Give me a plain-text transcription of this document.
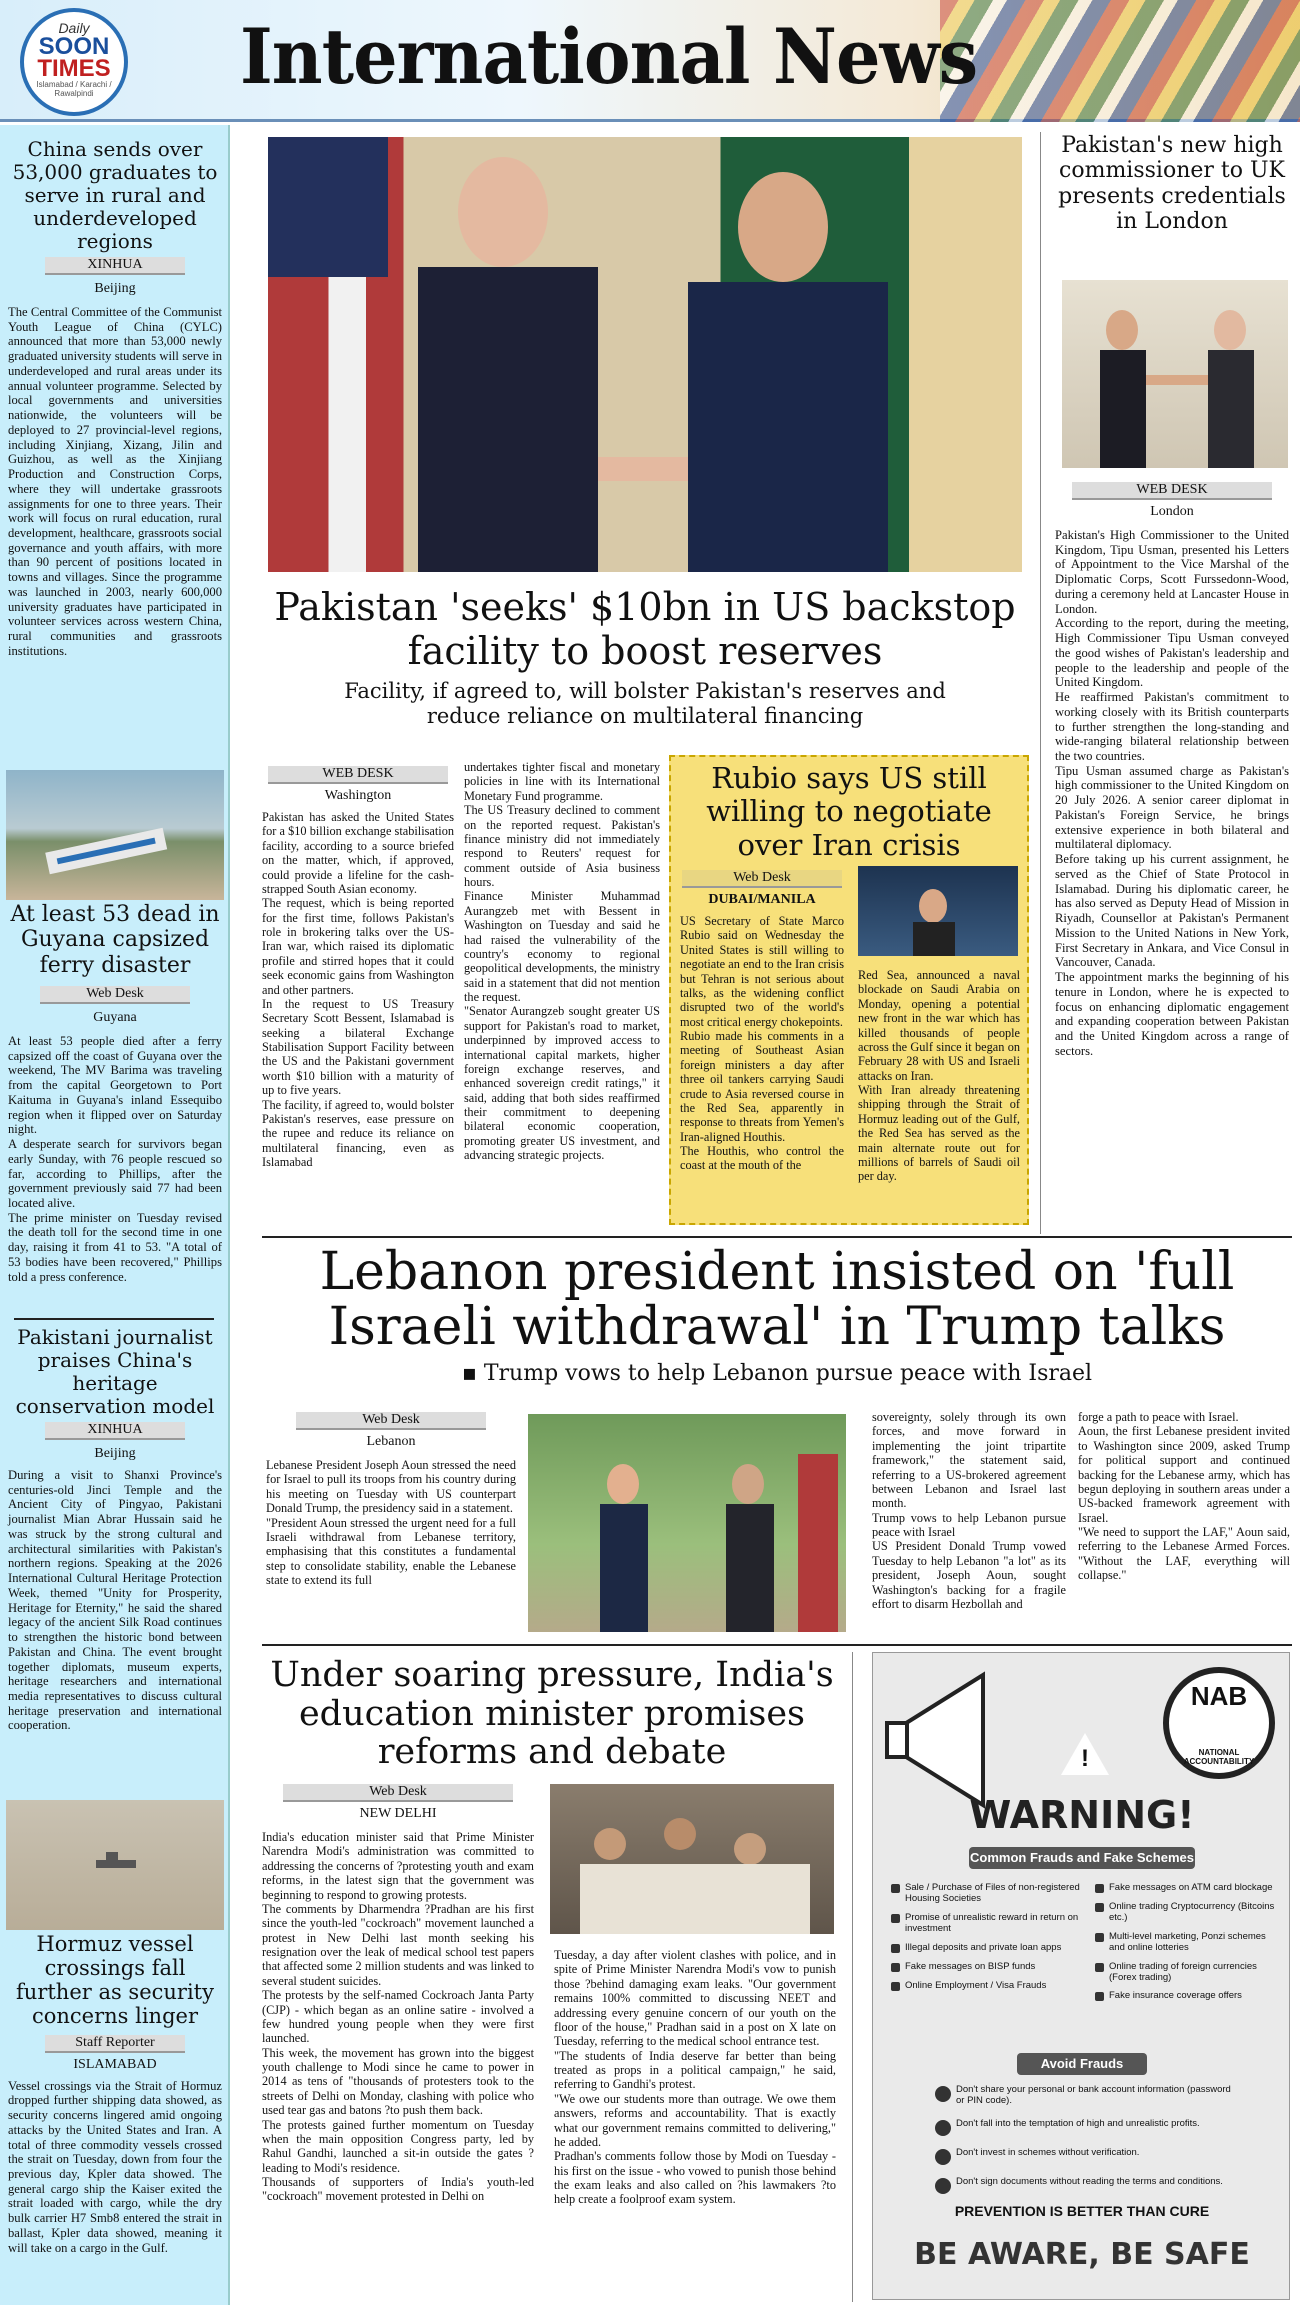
Daily
SOON
TIMES
Islamabad / Karachi / Rawalpindi	International News
China sends over 53,000 graduates to serve in rural and underdeveloped regions
XINHUA
Beijing
The Central Committee of the Communist Youth League of China (CYLC) announced that more than 53,000 newly graduated university students will serve in underdeveloped and rural areas under its annual volunteer programme. Selected by local governments and universities nationwide, the volunteers will be deployed to 27 provincial-level regions, including Xinjiang, Xizang, Jilin and Guizhou, as well as the Xinjiang Production and Construction Corps, where they will undertake grassroots assignments for one to three years. Their work will focus on rural education, rural development, healthcare, grassroots social governance and youth affairs, with more than 90 percent of positions located in towns and villages. Since the programme was launched in 2003, nearly 600,000 university graduates have participated in volunteer services across western China, rural communities and grassroots institutions.
At least 53 dead in Guyana capsized ferry disaster
Web Desk
Guyana
At least 53 people died after a ferry capsized off the coast of Guyana over the weekend, The MV Barima was traveling from the capital Georgetown to Port Kaituma in Guyana's inland Essequibo region when it flipped over on Saturday night.
A desperate search for survivors began early Sunday, with 76 people rescued so far, according to Phillips, after the government previously said 77 had been located alive.
The prime minister on Tuesday revised the death toll for the second time in one day, raising it from 41 to 53. "A total of 53 bodies have been recovered," Phillips told a press conference.
Pakistani journalist praises China's heritage conservation model
XINHUA
Beijing
During a visit to Shanxi Province's centuries-old Jinci Temple and the Ancient City of Pingyao, Pakistani journalist Mian Abrar Hussain said he was struck by the strong cultural and architectural similarities with Pakistan's northern regions. Speaking at the 2026 International Cultural Heritage Protection Week, themed "Unity for Prosperity, Heritage for Eternity," he said the shared legacy of the ancient Silk Road continues to strengthen the historic bond between Pakistan and China. The event brought together diplomats, museum experts, heritage researchers and international media representatives to discuss cultural heritage preservation and international cooperation.
Hormuz vessel crossings fall further as security concerns linger
Staff Reporter
ISLAMABAD
Vessel crossings via the Strait of Hormuz dropped further shipping data showed, as security concerns lingered amid ongoing attacks by the United States and Iran. A total of three commodity vessels crossed the strait on Tuesday, down from four the previous day, Kpler data showed. The general cargo ship the Kaiser exited the strait loaded with cargo, while the dry bulk carrier H7 Smb8 entered the strait in ballast, Kpler data showed, meaning it will take on a cargo in the Gulf.
Pakistan 'seeks' $10bn in US backstop facility to boost reserves
Facility, if agreed to, will bolster Pakistan's reserves and reduce reliance on multilateral financing
WEB DESK
Washington
Pakistan has asked the United States for a $10 billion exchange stabilisation facility, according to a source briefed on the matter, which, if approved, could provide a lifeline for the cash-strapped South Asian economy.
The request, which is being reported for the first time, follows Pakistan's role in brokering talks over the US-Iran war, which raised its diplomatic profile and stirred hopes that it could seek economic gains from Washington and other partners.
In the request to US Treasury Secretary Scott Bessent, Islamabad is seeking a bilateral Exchange Stabilisation Support Facility between the US and the Pakistani government worth $10 billion with a maturity of up to five years.
The facility, if agreed to, would bolster Pakistan's reserves, ease pressure on the rupee and reduce its reliance on multilateral financing, even as Islamabad
undertakes tighter fiscal and monetary policies in line with its International Monetary Fund programme.
The US Treasury declined to comment on the reported request. Pakistan's finance ministry did not immediately respond to Reuters' request for comment outside of Asia business hours.
Finance Minister Muhammad Aurangzeb met with Bessent in Washington on Tuesday and said he had raised the vulnerability of the country's economy to regional geopolitical developments, the ministry said in a statement that did not mention the request.
"Senator Aurangzeb sought greater US support for Pakistan's road to market, underpinned by improved access to international capital markets, higher foreign exchange reserves, and enhanced sovereign credit ratings," it said, adding that both sides reaffirmed their commitment to deepening bilateral economic cooperation, promoting greater US investment, and advancing strategic projects.
Rubio says US still willing to negotiate over Iran crisis
Web Desk
DUBAI/MANILA
US Secretary of State Marco Rubio said on Wednesday the United States is still willing to negotiate an end to the Iran crisis but Tehran is not serious about talks, as the widening conflict disrupted two of the world's most critical energy chokepoints.
Rubio made his comments in a meeting of Southeast Asian foreign ministers a day after three oil tankers carrying Saudi crude to Asia reversed course in the Red Sea, apparently in response to threats from Yemen's Iran-aligned Houthis.
The Houthis, who control the coast at the mouth of the
Red Sea, announced a naval blockade on Saudi Arabia on Monday, opening a potential new front in the war which has killed thousands of people across the Gulf since it began on February 28 with US and Israeli attacks on Iran.
With Iran already threatening shipping through the Strait of Hormuz leading out of the Gulf, the Red Sea has served as the main alternate route out for millions of barrels of Saudi oil per day.
Pakistan's new high commissioner to UK presents credentials in London
WEB DESK
London
Pakistan's High Commissioner to the United Kingdom, Tipu Usman, presented his Letters of Appointment to the Vice Marshal of the Diplomatic Corps, Scott Furssedonn-Wood, during a ceremony held at Lancaster House in London.
According to the report, during the meeting, High Commissioner Tipu Usman conveyed the good wishes of Pakistan's leadership and people to the leadership and people of the United Kingdom.
He reaffirmed Pakistan's commitment to working closely with its British counterparts to further strengthen the long-standing and wide-ranging bilateral relationship between the two countries.
Tipu Usman assumed charge as Pakistan's high commissioner to the United Kingdom on 20 July 2026. A senior career diplomat in Pakistan's Foreign Service, he brings extensive experience in both bilateral and multilateral diplomacy.
Before taking up his current assignment, he served as the Chief of State Protocol in Islamabad. During his diplomatic career, he has also served as Deputy Head of Mission in Riyadh, Counsellor at Pakistan's Permanent Mission to the United Nations in New York, First Secretary in Ankara, and Vice Consul in Vancouver, Canada.
The appointment marks the beginning of his tenure in London, where he is expected to focus on enhancing diplomatic engagement and expanding cooperation between Pakistan and the United Kingdom across a range of sectors.
Lebanon president insisted on 'full Israeli withdrawal' in Trump talks
▪ Trump vows to help Lebanon pursue peace with Israel
Web Desk
Lebanon
Lebanese President Joseph Aoun stressed the need for Israel to pull its troops from his country during his meeting on Tuesday with US counterpart Donald Trump, the presidency said in a statement.
"President Aoun stressed the urgent need for a full Israeli withdrawal from Lebanese territory, emphasising that this constitutes a fundamental step to consolidate stability, enable the Lebanese state to extend its full
sovereignty, solely through its own forces, and move forward in implementing the joint tripartite framework," the statement said, referring to a US-brokered agreement between Lebanon and Israel last month.
Trump vows to help Lebanon pursue peace with Israel
US President Donald Trump vowed Tuesday to help Lebanon "a lot" as its president, Joseph Aoun, sought Washington's backing for a fragile effort to disarm Hezbollah and
forge a path to peace with Israel.
Aoun, the first Lebanese president invited to Washington since 2009, asked Trump for political support and continued backing for the Lebanese army, which has begun deploying in southern areas under a US-backed framework agreement with Israel.
"We need to support the LAF," Aoun said, referring to the Lebanese Armed Forces. "Without the LAF, everything will collapse."
Under soaring pressure, India's education minister promises reforms and debate
Web Desk
NEW DELHI
India's education minister said that Prime Minister Narendra Modi's administration was committed to addressing the concerns of ?protesting youth and exam reforms, in the latest sign that the government was beginning to respond to growing protests.
The comments by Dharmendra ?Pradhan are his first since the youth-led "cockroach" movement launched a protest in New Delhi last month seeking his resignation over the leak of medical school test papers that affected some 2 million students and was linked to several student suicides.
The protests by the self-named Cockroach Janta Party (CJP) - which began as an online satire - involved a few hundred young people when they were first launched.
This week, the movement has grown into the biggest youth challenge to Modi since he came to power in 2014 as tens of "thousands of protesters took to the streets of Delhi on Monday, clashing with police who used tear gas and batons ?to push them back.
The protests gained further momentum on Tuesday when the main opposition Congress party, led by Rahul Gandhi, launched a sit-in outside the gates ?leading to Modi's residence.
Thousands of supporters of India's youth-led "cockroach" movement protested in Delhi on
Tuesday, a day after violent clashes with police, and in spite of Prime Minister Narendra Modi's vow to punish those ?behind damaging exam leaks. "Our government remains 100% committed to discussing NEET and addressing every genuine concern of our youth on the floor of the house," Pradhan said in a post on X late on Tuesday, referring to the medical school entrance test.
"The students of India deserve far better than being treated as props in a political campaign," he said, referring to Gandhi's protest.
"We owe our students more than outrage. We owe them answers, reforms and accountability. That is exactly what our government remains committed to delivering," he added.
Pradhan's comments follow those by Modi on Tuesday - his first on the issue - who vowed to punish those behind the exam leaks and also called on ?his lawmakers ?to help create a foolproof exam system.
NAB
NATIONAL ACCOUNTABILITY
!
WARNING!
Common Frauds and Fake Schemes
Sale / Purchase of Files of non-registered Housing Societies
Promise of unrealistic reward in return on investment
Illegal deposits and private loan apps
Fake messages on BISP funds
Online Employment / Visa Frauds
Fake messages on ATM card blockage
Online trading Cryptocurrency (Bitcoins etc.)
Multi-level marketing, Ponzi schemes and online lotteries
Online trading of foreign currencies (Forex trading)
Fake insurance coverage offers
Avoid Frauds
Don't share your personal or bank account information (password or PIN code).
Don't fall into the temptation of high and unrealistic profits.
Don't invest in schemes without verification.
Don't sign documents without reading the terms and conditions.
PREVENTION IS BETTER THAN CURE
BE AWARE, BE SAFE
